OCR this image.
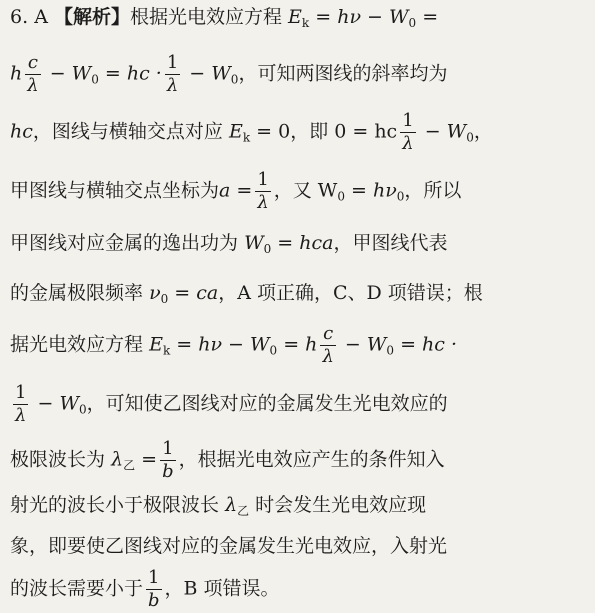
6. A 【解析】根据光电效应方程 $E_k = h\nu - W_0$ =
h $\frac{c}{\lambda} - W_0$ = hc · $\frac{1}{\lambda} - W_0$，可知两图线的斜率均为
hc，图线与横轴交点对应 $E_k = 0$，即 0 = hc $\frac{1}{\lambda} - W_0$，
甲图线与横轴交点坐标为$a = \frac{1}{\lambda}$ ，又 $W_0 = h\nu_0$，所以
甲图线对应金属的逸出功为 $W_0$ = hca，甲图线代表
的金属极限频率 $\nu_0$ = ca，A 项正确，C、D 项错误；根
据光电效应方程 $E_k = h\nu - W_0 = h \frac{c}{\lambda} - W_0$ = hc ·
$\frac{1}{\lambda} - W_0$，可知使乙图线对应的金属发生光电效应的
极限波长为 $\lambda_乙 = \frac{1}{b}$ ，根据光电效应产生的条件知入
射光的波长小于极限波长 $\lambda_乙$ 时会发生光电效应现
象，即要使乙图线对应的金属发生光电效应，入射光
的波长需要小于 $\frac{1}{b}$ ，B 项错误。
